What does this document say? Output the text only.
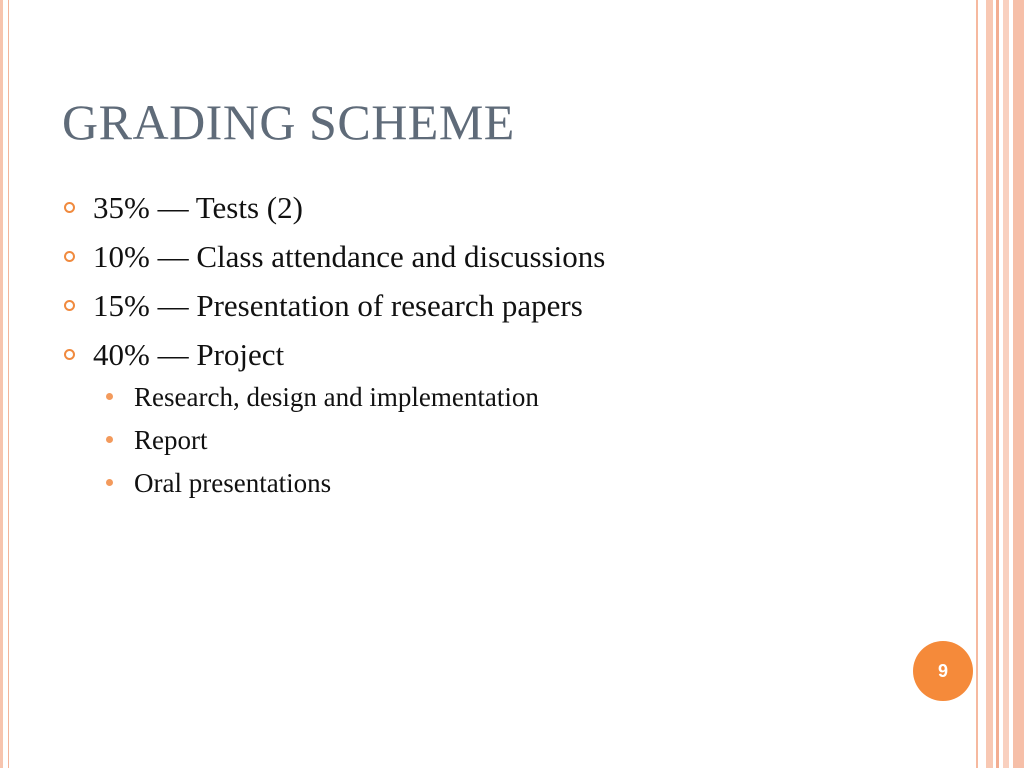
GRADING SCHEME
35% — Tests (2)
10% — Class attendance and discussions
15% — Presentation of research papers
40% — Project
Research, design and implementation
Report
Oral presentations
9
